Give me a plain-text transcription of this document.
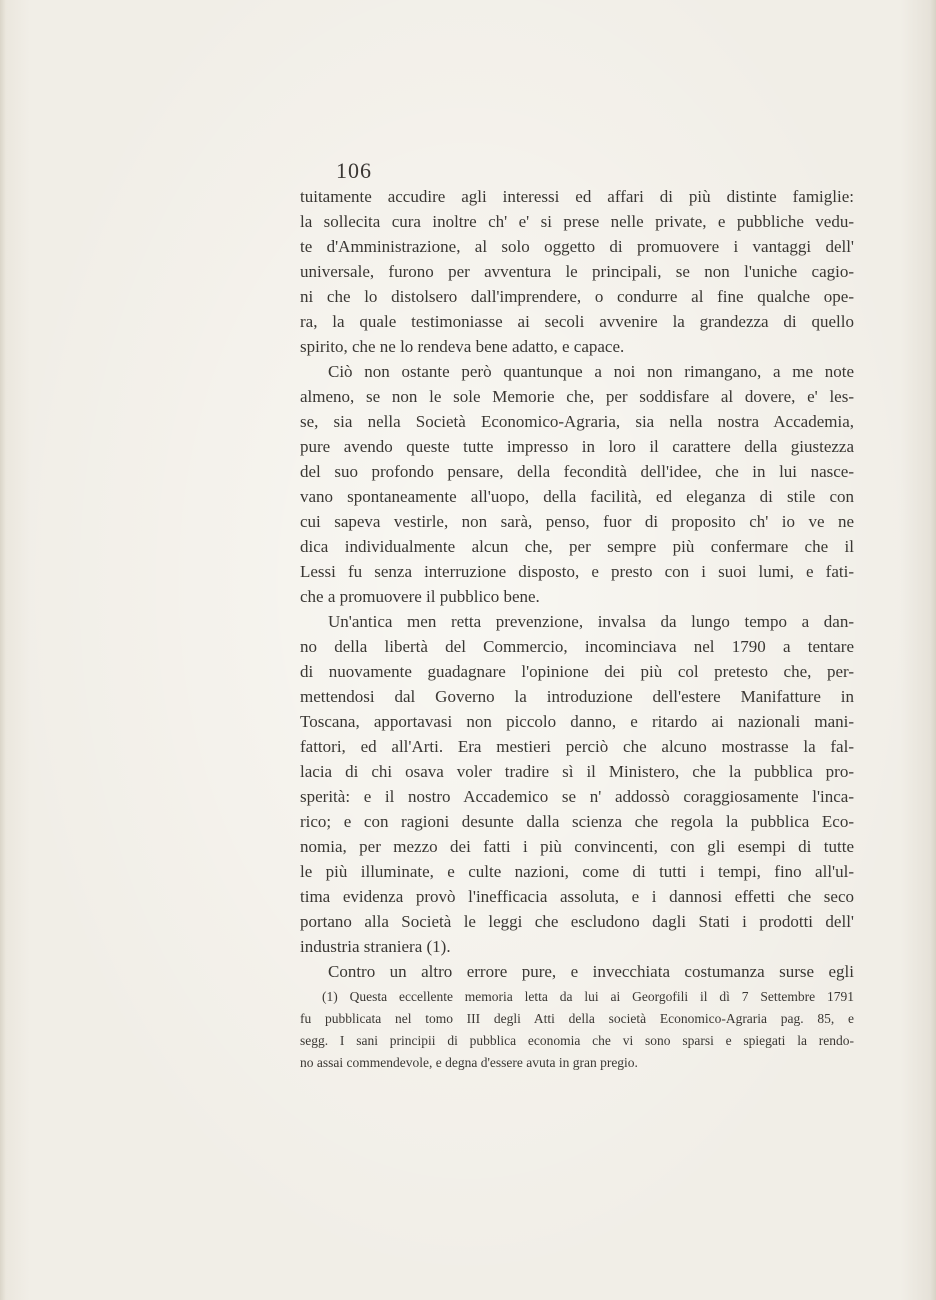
106
tuitamente accudire agli interessi ed affari di più distinte famiglie:
la sollecita cura inoltre ch' e' si prese nelle private, e pubbliche vedu-
te d'Amministrazione, al solo oggetto di promuovere i vantaggi dell'
universale, furono per avventura le principali, se non l'uniche cagio-
ni che lo distolsero dall'imprendere, o condurre al fine qualche ope-
ra, la quale testimoniasse ai secoli avvenire la grandezza di quello
spirito, che ne lo rendeva bene adatto, e capace.
Ciò non ostante però quantunque a noi non rimangano, a me note
almeno, se non le sole Memorie che, per soddisfare al dovere, e' les-
se, sia nella Società Economico-Agraria, sia nella nostra Accademia,
pure avendo queste tutte impresso in loro il carattere della giustezza
del suo profondo pensare, della fecondità dell'idee, che in lui nasce-
vano spontaneamente all'uopo, della facilità, ed eleganza di stile con
cui sapeva vestirle, non sarà, penso, fuor di proposito ch' io ve ne
dica individualmente alcun che, per sempre più confermare che il
Lessi fu senza interruzione disposto, e presto con i suoi lumi, e fati-
che a promuovere il pubblico bene.
Un'antica men retta prevenzione, invalsa da lungo tempo a dan-
no della libertà del Commercio, incominciava nel 1790 a tentare
di nuovamente guadagnare l'opinione dei più col pretesto che, per-
mettendosi dal Governo la introduzione dell'estere Manifatture in
Toscana, apportavasi non piccolo danno, e ritardo ai nazionali mani-
fattori, ed all'Arti. Era mestieri perciò che alcuno mostrasse la fal-
lacia di chi osava voler tradire sì il Ministero, che la pubblica pro-
sperità: e il nostro Accademico se n' addossò coraggiosamente l'inca-
rico; e con ragioni desunte dalla scienza che regola la pubblica Eco-
nomia, per mezzo dei fatti i più convincenti, con gli esempi di tutte
le più illuminate, e culte nazioni, come di tutti i tempi, fino all'ul-
tima evidenza provò l'inefficacia assoluta, e i dannosi effetti che seco
portano alla Società le leggi che escludono dagli Stati i prodotti dell'
industria straniera (1).
Contro un altro errore pure, e invecchiata costumanza surse egli
(1) Questa eccellente memoria letta da lui ai Georgofili il dì 7 Settembre 1791
fu pubblicata nel tomo III degli Atti della società Economico-Agraria pag. 85, e
segg. I sani principii di pubblica economia che vi sono sparsi e spiegati la rendo-
no assai commendevole, e degna d'essere avuta in gran pregio.
